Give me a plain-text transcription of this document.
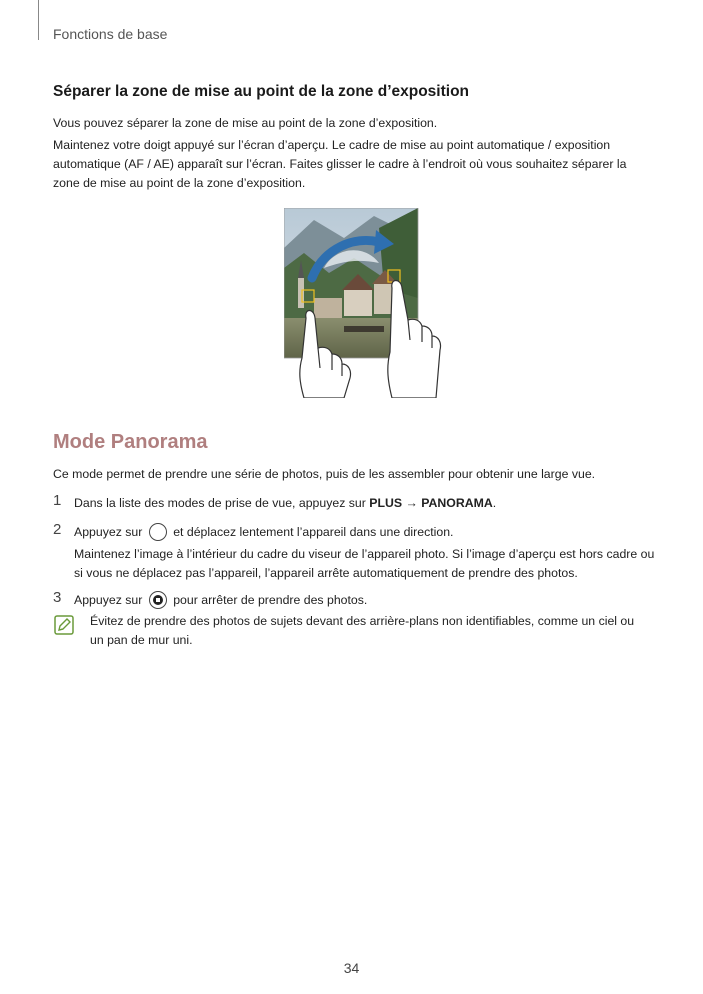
Fonctions de base
Séparer la zone de mise au point de la zone d’exposition
Vous pouvez séparer la zone de mise au point de la zone d’exposition.
Maintenez votre doigt appuyé sur l’écran d’aperçu. Le cadre de mise au point automatique / exposition automatique (AF / AE) apparaît sur l’écran. Faites glisser le cadre à l’endroit où vous souhaitez séparer la zone de mise au point de la zone d’exposition.
Mode Panorama
Ce mode permet de prendre une série de photos, puis de les assembler pour obtenir une large vue.
1 Dans la liste des modes de prise de vue, appuyez sur PLUS → PANORAMA.
2 Appuyez sur  et déplacez lentement l’appareil dans une direction.
Maintenez l’image à l’intérieur du cadre du viseur de l’appareil photo. Si l’image d’aperçu est hors cadre ou si vous ne déplacez pas l’appareil, l’appareil arrête automatiquement de prendre des photos.
3 Appuyez sur
pour arrêter de prendre des photos.
Évitez de prendre des photos de sujets devant des arrière-plans non identifiables, comme un ciel ou un pan de mur uni.
34
